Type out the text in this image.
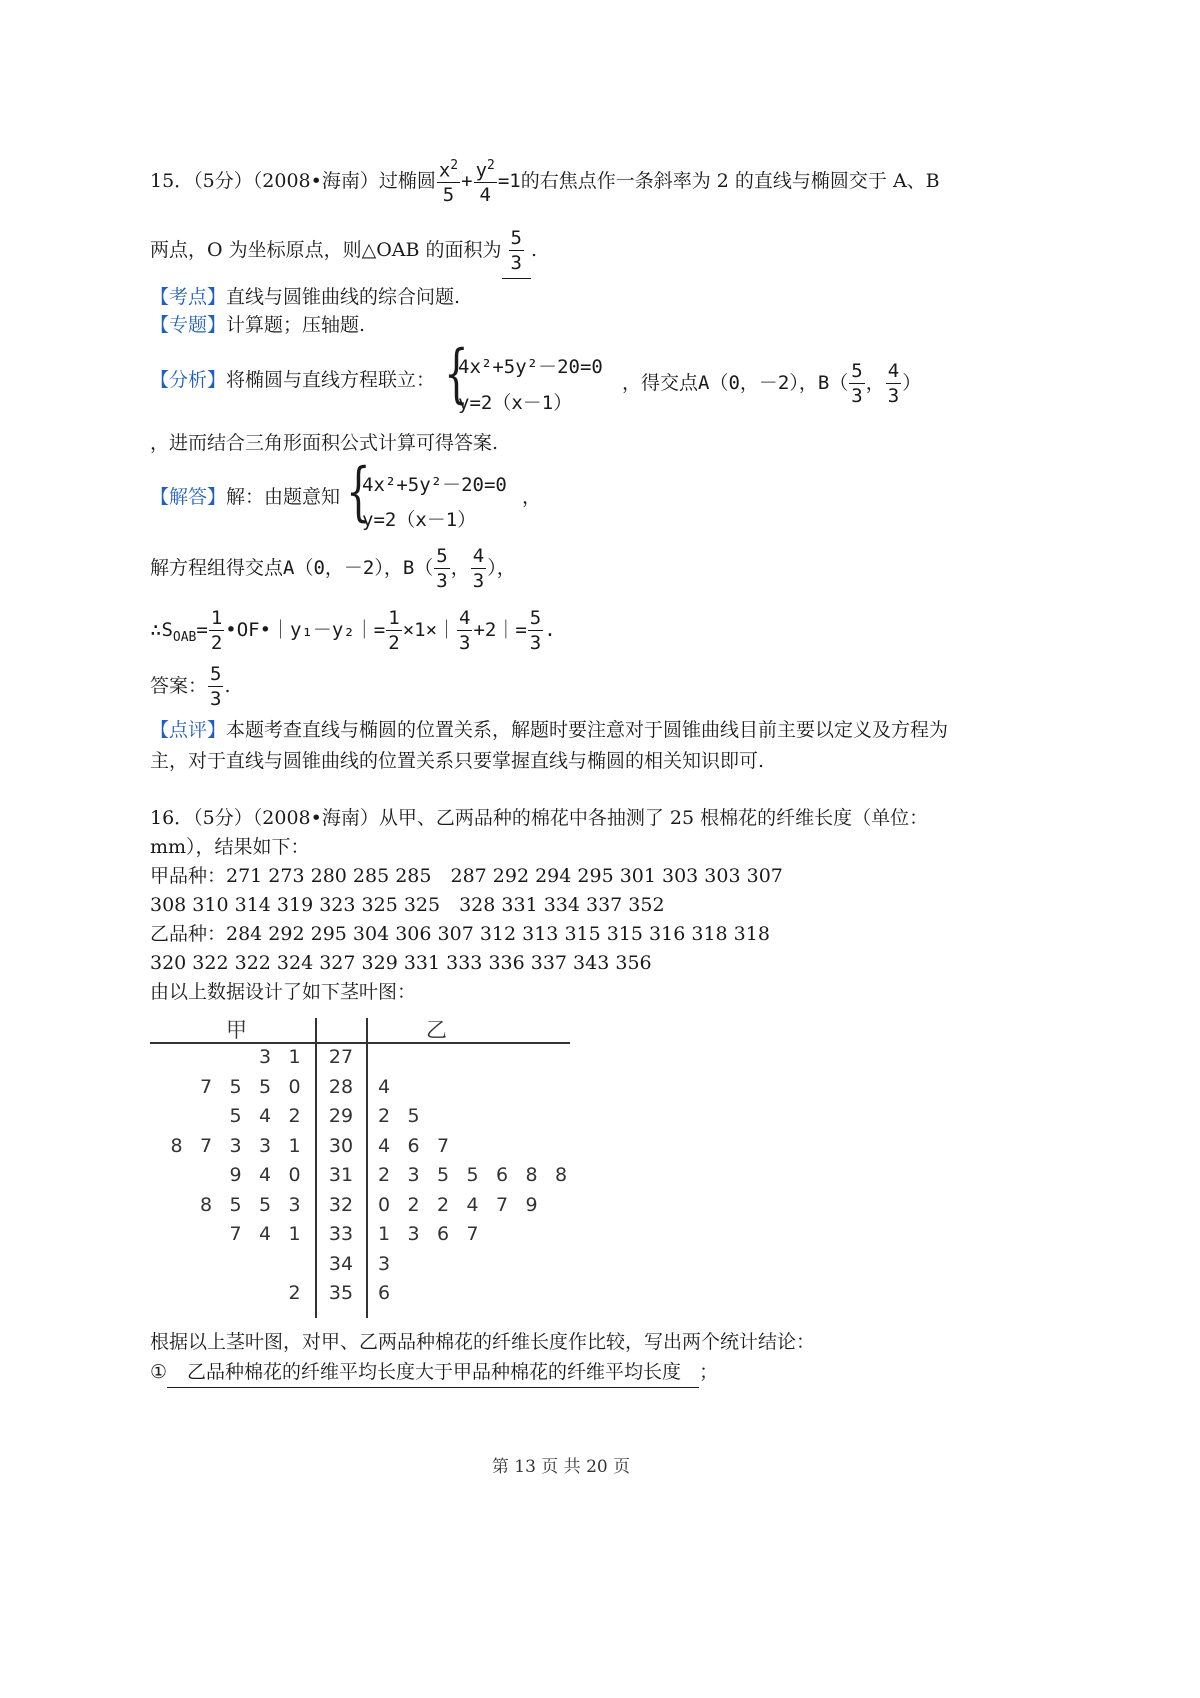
15．（5分）（2008•海南）过椭圆 $\frac{x^2}{5} + \frac{y^2}{4} =1$的右焦点作一条斜率为 2 的直线与椭圆交于 A、B
两点，O 为坐标原点，则△OAB 的面积为 $\frac{5}{3}$ .
【考点】直线与圆锥曲线的综合问题.
【专题】计算题；压轴题.
【分析】将椭圆与直线方程联立： {
4x²+5y²－20=0
y=2（x－1）
，得交点A（0，－2），$B( \frac{5}{3}$ ， $\frac{4}{3}$ ）
，进而结合三角形面积公式计算可得答案.
【解答】解：由题意知 {
4x²+5y²－20=0
y=2（x－1）
，
解方程组得交点A（0，－2），$B( \frac{5}{3}$ ， $\frac{4}{3}$ ），
$\therefore S_{OAB}= \frac{1}{2}$ •OF•｜y₁－y₂｜= $\frac{1}{2}$ ×1×｜ $\frac{4}{3}$ +2｜= $\frac{5}{3}$ .
答案： $\frac{5}{3}$ .
【点评】本题考查直线与椭圆的位置关系，解题时要注意对于圆锥曲线目前主要以定义及方程为
主，对于直线与圆锥曲线的位置关系只要掌握直线与椭圆的相关知识即可.
16．（5分）（2008•海南）从甲、乙两品种的棉花中各抽测了 25 根棉花的纤维长度（单位：
mm），结果如下：
甲品种：271 273 280 285 285　287 292 294 295 301 303 303 307
308 310 314 319 323 325 325　328 331 334 337 352
乙品种：284 292 295 304 306 307 312 313 315 315 316 318 318
320 322 322 324 327 329 331 333 336 337 343 356
由以上数据设计了如下茎叶图：
甲	乙
3 1	27
7 5 5 0	28	4
5 4 2	29	2 5
8 7 3 3 1	30	4 6 7
9 4 0	31	2 3 5 5 6 8 8
8 5 5 3	32	0 2 2 4 7 9
7 4 1	33	1 3 6 7
34	3
2	35	6
根据以上茎叶图，对甲、乙两品种棉花的纤维长度作比较，写出两个统计结论：
① 乙品种棉花的纤维平均长度大于甲品种棉花的纤维平均长度 ；
第 13 页 共 20 页
